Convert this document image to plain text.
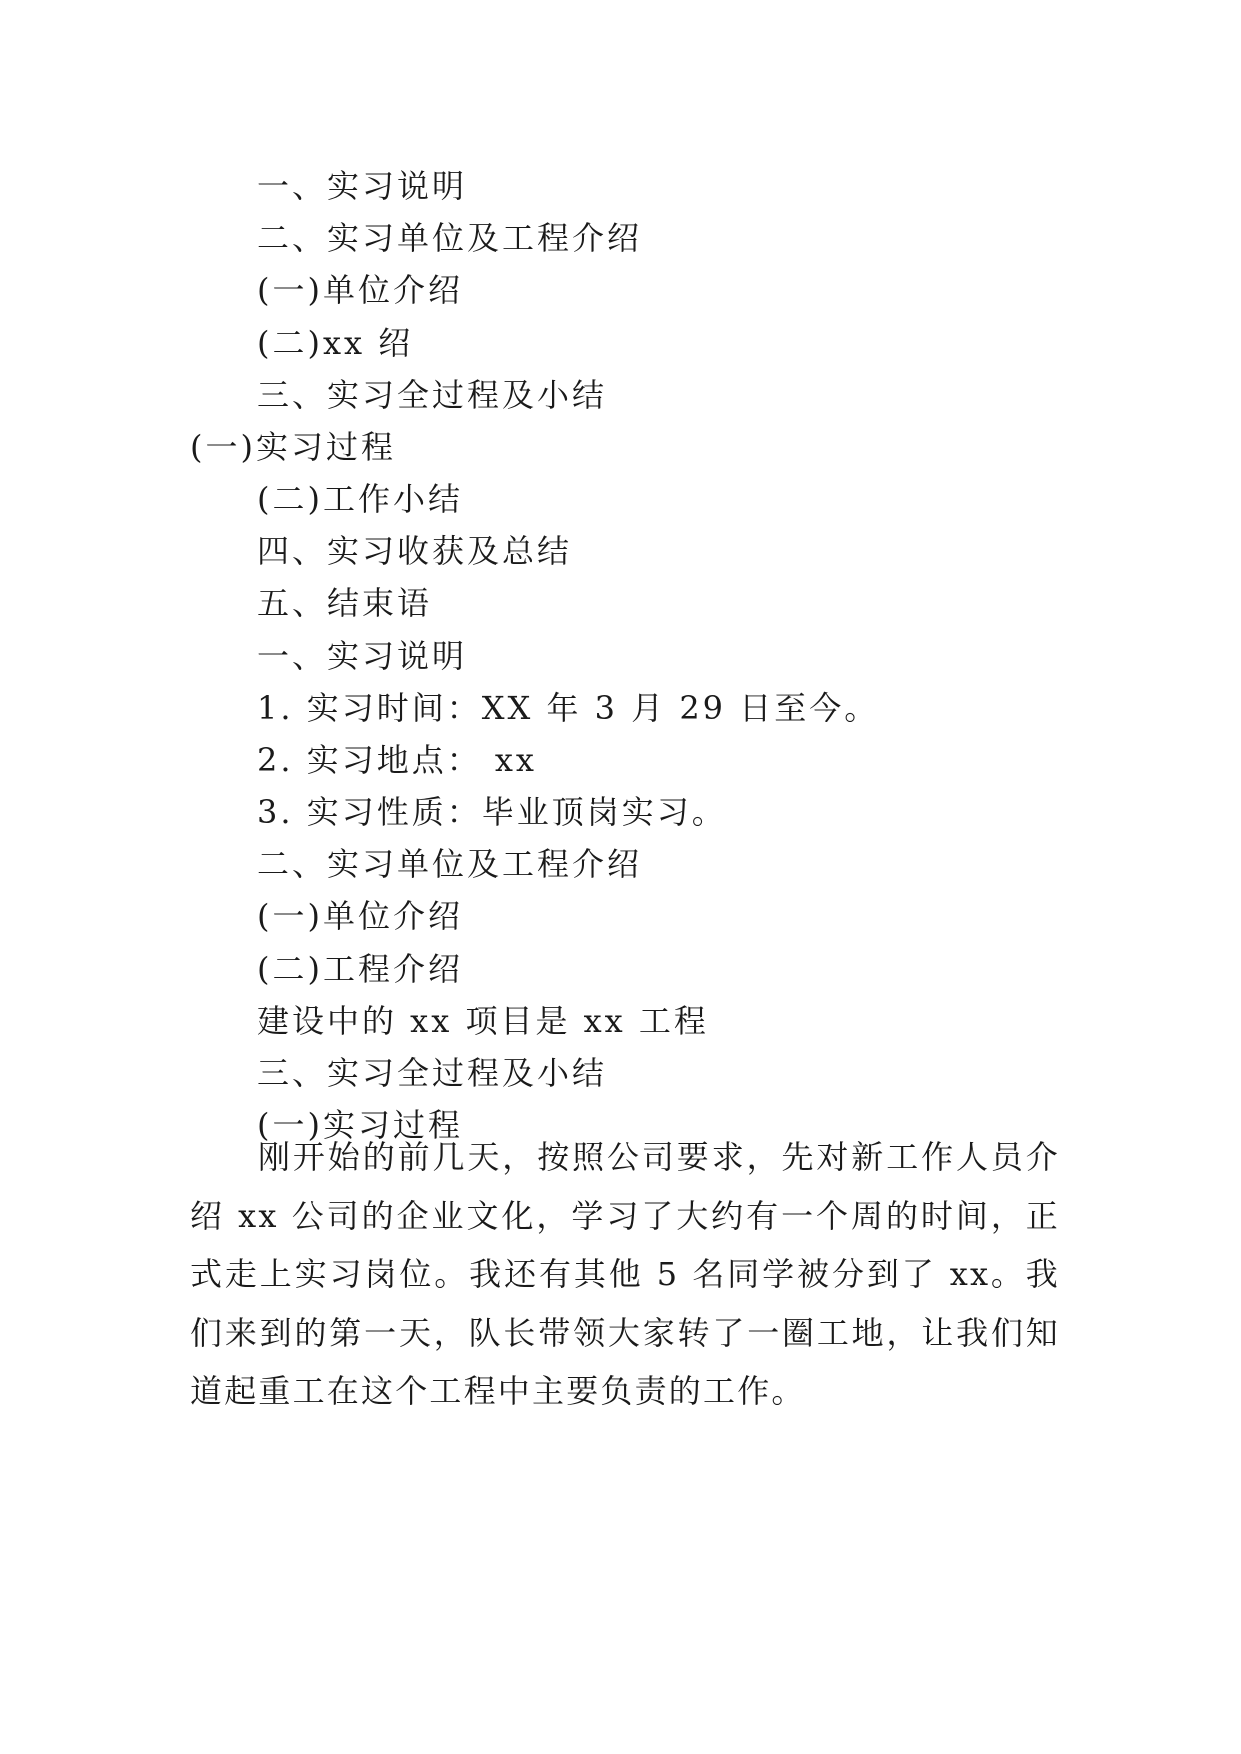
一、实习说明
二、实习单位及工程介绍
(一)单位介绍
(二)xx 绍
三、实习全过程及小结
(一)实习过程
(二)工作小结
四、实习收获及总结
五、结束语
一、实习说明
1. 实习时间：XX 年 3 月 29 日至今。
2. 实习地点： xx
3. 实习性质：毕业顶岗实习。
二、实习单位及工程介绍
(一)单位介绍
(二)工程介绍
建设中的 xx 项目是 xx 工程
三、实习全过程及小结
(一)实习过程

刚开始的前几天，按照公司要求，先对新工作人员介绍 xx 公司的企业文化，学习了大约有一个周的时间，正式走上实习岗位。我还有其他 5 名同学被分到了 xx。我们来到的第一天，队长带领大家转了一圈工地，让我们知道起重工在这个工程中主要负责的工作。
